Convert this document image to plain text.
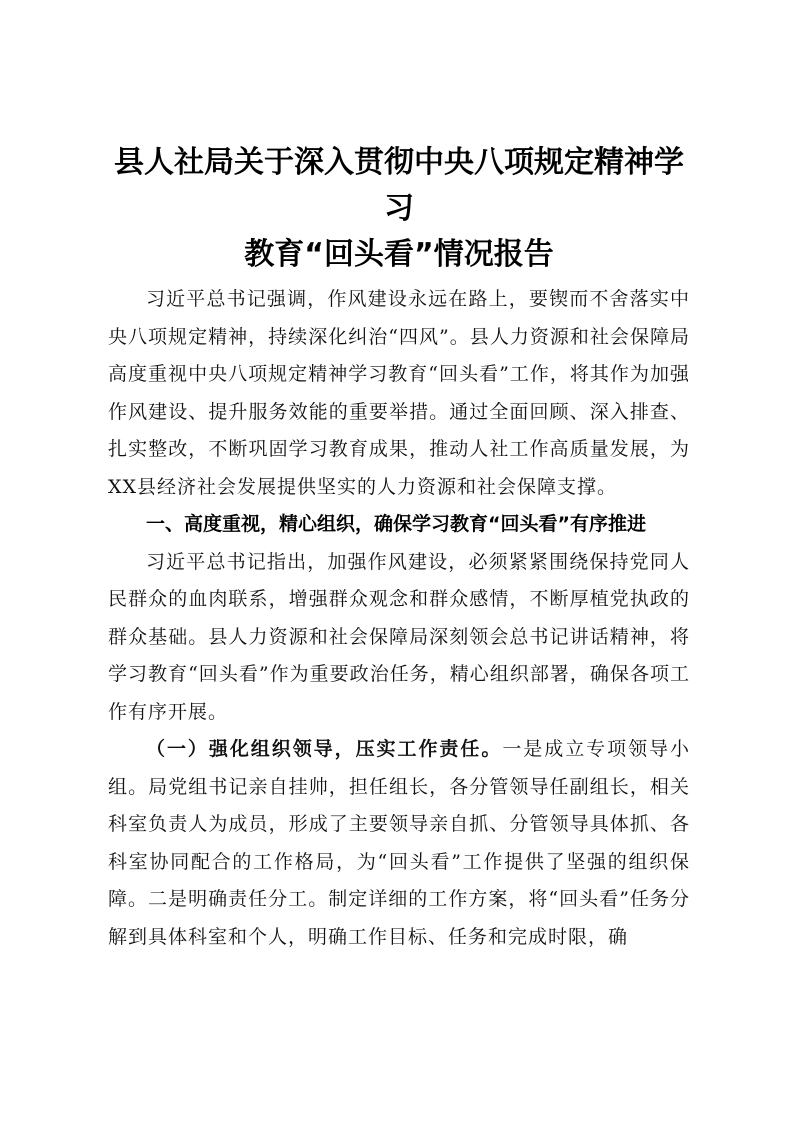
县人社局关于深入贯彻中央八项规定精神学习
教育“回头看”情况报告

习近平总书记强调，作风建设永远在路上，要锲而不舍落实中央八项规定精神，持续深化纠治“四风”。县人力资源和社会保障局高度重视中央八项规定精神学习教育“回头看”工作，将其作为加强作风建设、提升服务效能的重要举措。通过全面回顾、深入排查、扎实整改，不断巩固学习教育成果，推动人社工作高质量发展，为XX县经济社会发展提供坚实的人力资源和社会保障支撑。

一、高度重视，精心组织，确保学习教育“回头看”有序推进

习近平总书记指出，加强作风建设，必须紧紧围绕保持党同人民群众的血肉联系，增强群众观念和群众感情，不断厚植党执政的群众基础。县人力资源和社会保障局深刻领会总书记讲话精神，将学习教育“回头看”作为重要政治任务，精心组织部署，确保各项工作有序开展。

（一）强化组织领导，压实工作责任。一是成立专项领导小组。局党组书记亲自挂帅，担任组长，各分管领导任副组长，相关科室负责人为成员，形成了主要领导亲自抓、分管领导具体抓、各科室协同配合的工作格局，为“回头看”工作提供了坚强的组织保障。二是明确责任分工。制定详细的工作方案，将“回头看”任务分解到具体科室和个人，明确工作目标、任务和完成时限，确
